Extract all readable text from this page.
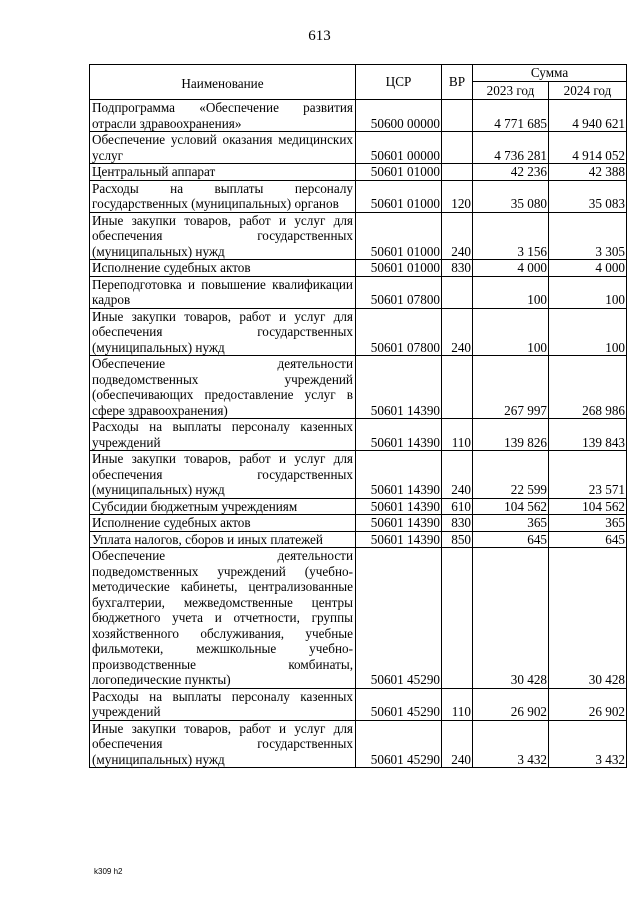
613
Наименование	ЦСР	ВР	Сумма	
			2023 год	2024 год
Подпрограмма «Обеспечение развития отрасли здравоохранения»	50600 00000		4 771 685	4 940 621
Обеспечение условий оказания медицинских услуг	50601 00000		4 736 281	4 914 052
Центральный аппарат	50601 01000		42 236	42 388
Расходы на выплаты персоналу государственных (муниципальных) органов	50601 01000	120	35 080	35 083
Иные закупки товаров, работ и услуг для обеспечения государственных (муниципальных) нужд	50601 01000	240	3 156	3 305
Исполнение судебных актов	50601 01000	830	4 000	4 000
Переподготовка и повышение квалификации кадров	50601 07800		100	100
Иные закупки товаров, работ и услуг для обеспечения государственных (муниципальных) нужд	50601 07800	240	100	100
Обеспечение деятельности подведомственных учреждений (обеспечивающих предоставление услуг в сфере здравоохранения)	50601 14390		267 997	268 986
Расходы на выплаты персоналу казенных учреждений	50601 14390	110	139 826	139 843
Иные закупки товаров, работ и услуг для обеспечения государственных (муниципальных) нужд	50601 14390	240	22 599	23 571
Субсидии бюджетным учреждениям	50601 14390	610	104 562	104 562
Исполнение судебных актов	50601 14390	830	365	365
Уплата налогов, сборов и иных платежей	50601 14390	850	645	645
Обеспечение деятельности подведомственных учреждений (учебно-методические кабинеты, централизованные бухгалтерии, межведомственные центры бюджетного учета и отчетности, группы хозяйственного обслуживания, учебные фильмотеки, межшкольные учебно-производственные комбинаты, логопедические пункты)	50601 45290		30 428	30 428
Расходы на выплаты персоналу казенных учреждений	50601 45290	110	26 902	26 902
Иные закупки товаров, работ и услуг для обеспечения государственных (муниципальных) нужд	50601 45290	240	3 432	3 432
k309 h2
